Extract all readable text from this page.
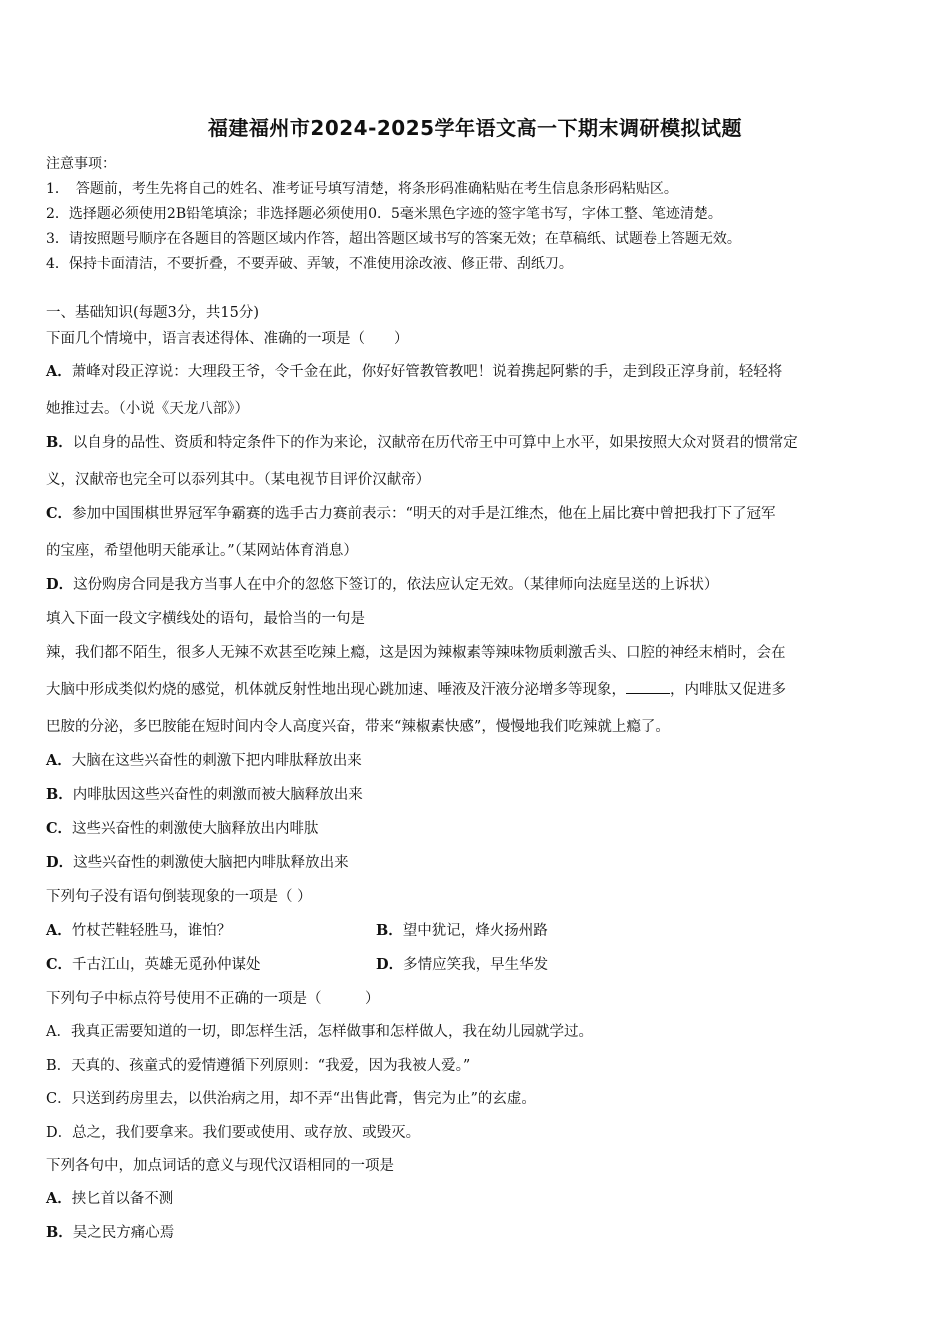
福建福州市2024-2025学年语文高一下期末调研模拟试题
注意事项：
1．　答题前，考生先将自己的姓名、准考证号填写清楚，将条形码准确粘贴在考生信息条形码粘贴区。
2．选择题必须使用2B铅笔填涂；非选择题必须使用0．5毫米黑色字迹的签字笔书写，字体工整、笔迹清楚。
3．请按照题号顺序在各题目的答题区域内作答，超出答题区域书写的答案无效；在草稿纸、试题卷上答题无效。
4．保持卡面清洁，不要折叠，不要弄破、弄皱，不准使用涂改液、修正带、刮纸刀。
一、基础知识(每题3分，共15分)
下面几个情境中，语言表述得体、准确的一项是（　　）
A．萧峰对段正淳说：大理段王爷，令千金在此，你好好管教管教吧！说着携起阿紫的手，走到段正淳身前，轻轻将
她推过去。（小说《天龙八部》）
B．以自身的品性、资质和特定条件下的作为来论，汉献帝在历代帝王中可算中上水平，如果按照大众对贤君的惯常定
义，汉献帝也完全可以忝列其中。（某电视节目评价汉献帝）
C．参加中国围棋世界冠军争霸赛的选手古力赛前表示：“明天的对手是江维杰，他在上届比赛中曾把我打下了冠军
的宝座，希望他明天能承让。”（某网站体育消息）
D．这份购房合同是我方当事人在中介的忽悠下签订的，依法应认定无效。（某律师向法庭呈送的上诉状）
填入下面一段文字横线处的语句，最恰当的一句是
辣，我们都不陌生，很多人无辣不欢甚至吃辣上瘾，这是因为辣椒素等辣味物质刺激舌头、口腔的神经末梢时，会在
大脑中形成类似灼烧的感觉，机体就反射性地出现心跳加速、唾液及汗液分泌增多等现象，	，内啡肽又促进多
巴胺的分泌，多巴胺能在短时间内令人高度兴奋，带来“辣椒素快感”，慢慢地我们吃辣就上瘾了。
A．大脑在这些兴奋性的刺激下把内啡肽释放出来
B．内啡肽因这些兴奋性的刺激而被大脑释放出来
C．这些兴奋性的刺激使大脑释放出内啡肽
D．这些兴奋性的刺激使大脑把内啡肽释放出来
下列句子没有语句倒装现象的一项是（ ）
A．竹杖芒鞋轻胜马，谁怕？	B．望中犹记，烽火扬州路
C．千古江山，英雄无觅孙仲谋处	D．多情应笑我，早生华发
下列句子中标点符号使用不正确的一项是（　　　）
A．我真正需要知道的一切，即怎样生活，怎样做事和怎样做人，我在幼儿园就学过。
B．天真的、孩童式的爱情遵循下列原则：“我爱，因为我被人爱。”
C．只送到药房里去，以供治病之用，却不弄“出售此膏，售完为止”的玄虚。
D．总之，我们要拿来。我们要或使用、或存放、或毁灭。
下列各句中，加点词话的意义与现代汉语相同的一项是
A．挟匕首以备不测
B．吴之民方痛心焉
